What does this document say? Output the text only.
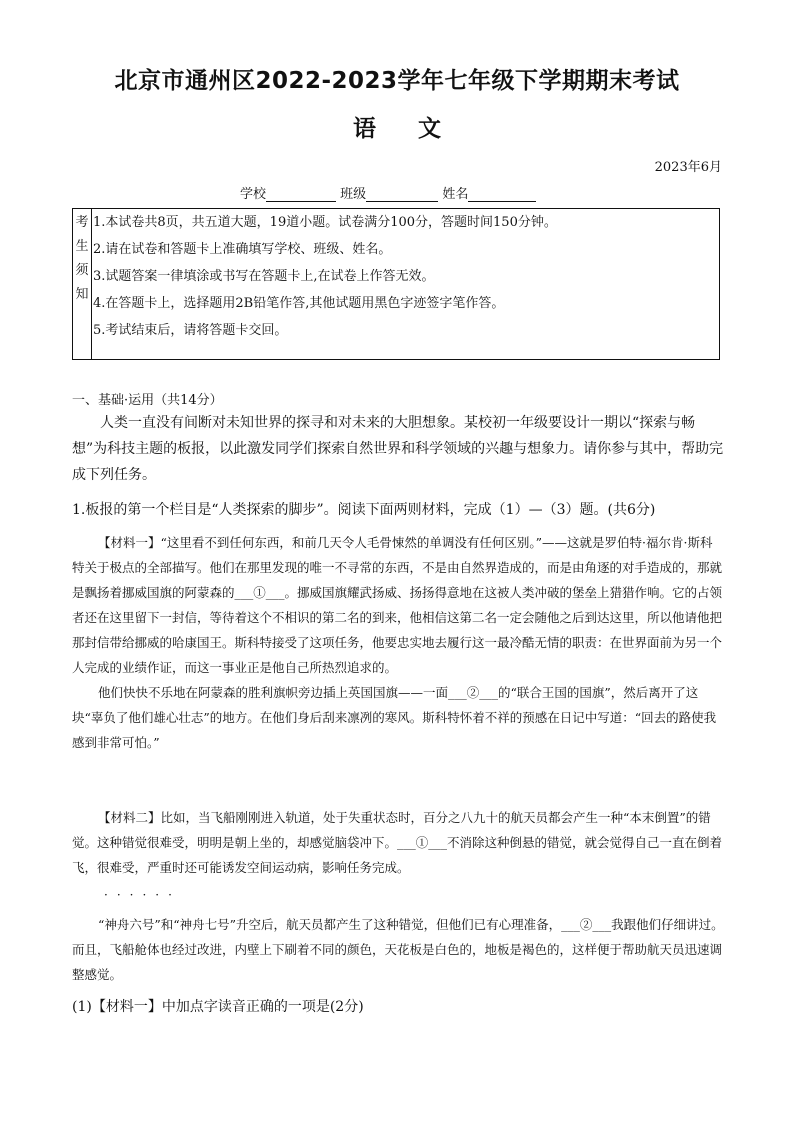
北京市通州区2022-2023学年七年级下学期期末考试
语 文
2023年6月
学校	班级	姓名
考
生
须
知
1.本试卷共8页，共五道大题，19道小题。试卷满分100分，答题时间150分钟。
2.请在试卷和答题卡上准确填写学校、班级、姓名。
3.试题答案一律填涂或书写在答题卡上,在试卷上作答无效。
4.在答题卡上，选择题用2B铅笔作答,其他试题用黑色字迹签字笔作答。
5.考试结束后，请将答题卡交回。
一、基础·运用（共14分）
人类一直没有间断对未知世界的探寻和对未来的大胆想象。某校初一年级要设计一期以“探索与畅想”为科技主题的板报，以此激发同学们探索自然世界和科学领域的兴趣与想象力。请你参与其中，帮助完成下列任务。
1.板报的第一个栏目是“人类探索的脚步”。阅读下面两则材料，完成（1）—（3）题。(共6分)

【材料一】“这里看不到任何东西，和前几天令人毛骨悚然的单调没有任何区别。”——这就是罗伯特·福尔肯·斯科特关于极点的全部描写。他们在那里发现的唯一不寻常的东西，不是由自然界造成的，而是由角逐的对手造成的，那就是飘扬着挪威国旗的阿蒙森的___①___。挪威国旗耀武扬威、扬扬得意地在这被人类冲破的堡垒上猎猎作响。它的占领者还在这里留下一封信，等待着这个不相识的第二名的到来，他相信这第二名一定会随他之后到达这里，所以他请他把那封信带给挪威的哈康国王。斯科特接受了这项任务，他要忠实地去履行这一最冷酷无情的职责：在世界面前为另一个人完成的业绩作证，而这一事业正是他自己所热烈追求的。

他们快快不乐地在阿蒙森的胜利旗帜旁边插上英国国旗——一面___②___的“联合王国的国旗”，然后离开了这块“辜负了他们雄心壮志”的地方。在他们身后刮来凛冽的寒风。斯科特怀着不祥的预感在日记中写道：“回去的路使我感到非常可怕。”

【材料二】比如，当飞船刚刚进入轨道，处于失重状态时，百分之八九十的航天员都会产生一种“本末倒置”的错觉。这种错觉很难受，明明是朝上坐的，却感觉脑袋冲下。___①___不消除这种倒悬的错觉，就会觉得自己一直在倒着飞，很难受，严重时还可能诱发空间运动病，影响任务完成。

······

“神舟六号”和“神舟七号”升空后，航天员都产生了这种错觉，但他们已有心理准备，___②___我跟他们仔细讲过。而且，飞船舱体也经过改进，内壁上下刷着不同的颜色，天花板是白色的，地板是褐色的，这样便于帮助航天员迅速调整感觉。

(1)【材料一】中加点字读音正确的一项是(2分)
